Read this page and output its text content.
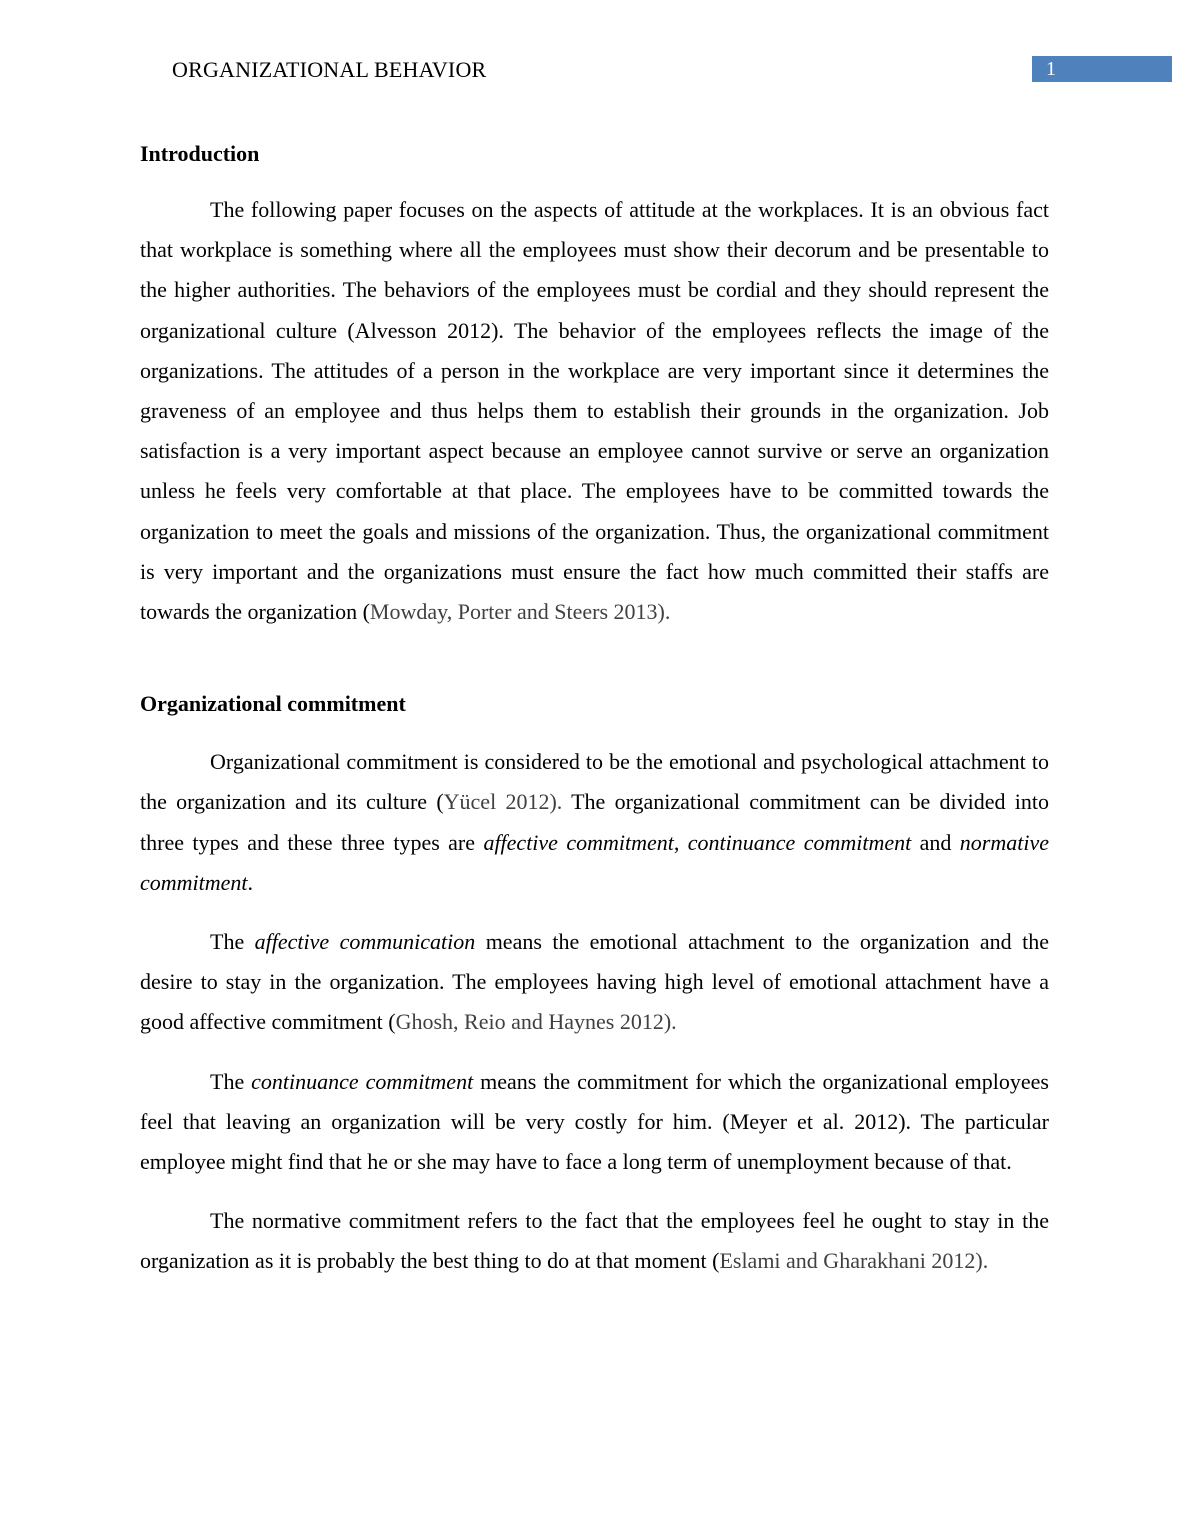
ORGANIZATIONAL BEHAVIOR	1
Introduction

The following paper focuses on the aspects of attitude at the workplaces. It is an obvious fact that workplace is something where all the employees must show their decorum and be presentable to the higher authorities. The behaviors of the employees must be cordial and they should represent the organizational culture (Alvesson 2012). The behavior of the employees reflects the image of the organizations. The attitudes of a person in the workplace are very important since it determines the graveness of an employee and thus helps them to establish their grounds in the organization. Job satisfaction is a very important aspect because an employee cannot survive or serve an organization unless he feels very comfortable at that place. The employees have to be committed towards the organization to meet the goals and missions of the organization. Thus, the organizational commitment is very important and the organizations must ensure the fact how much committed their staffs are towards the organization (Mowday, Porter and Steers 2013).

Organizational commitment

Organizational commitment is considered to be the emotional and psychological attachment to the organization and its culture (Yücel 2012). The organizational commitment can be divided into three types and these three types are affective commitment, continuance commitment and normative commitment.

The affective communication means the emotional attachment to the organization and the desire to stay in the organization. The employees having high level of emotional attachment have a good affective commitment (Ghosh, Reio and Haynes 2012).

The continuance commitment means the commitment for which the organizational employees feel that leaving an organization will be very costly for him. (Meyer et al. 2012). The particular employee might find that he or she may have to face a long term of unemployment because of that.

The normative commitment refers to the fact that the employees feel he ought to stay in the organization as it is probably the best thing to do at that moment (Eslami and Gharakhani 2012).
